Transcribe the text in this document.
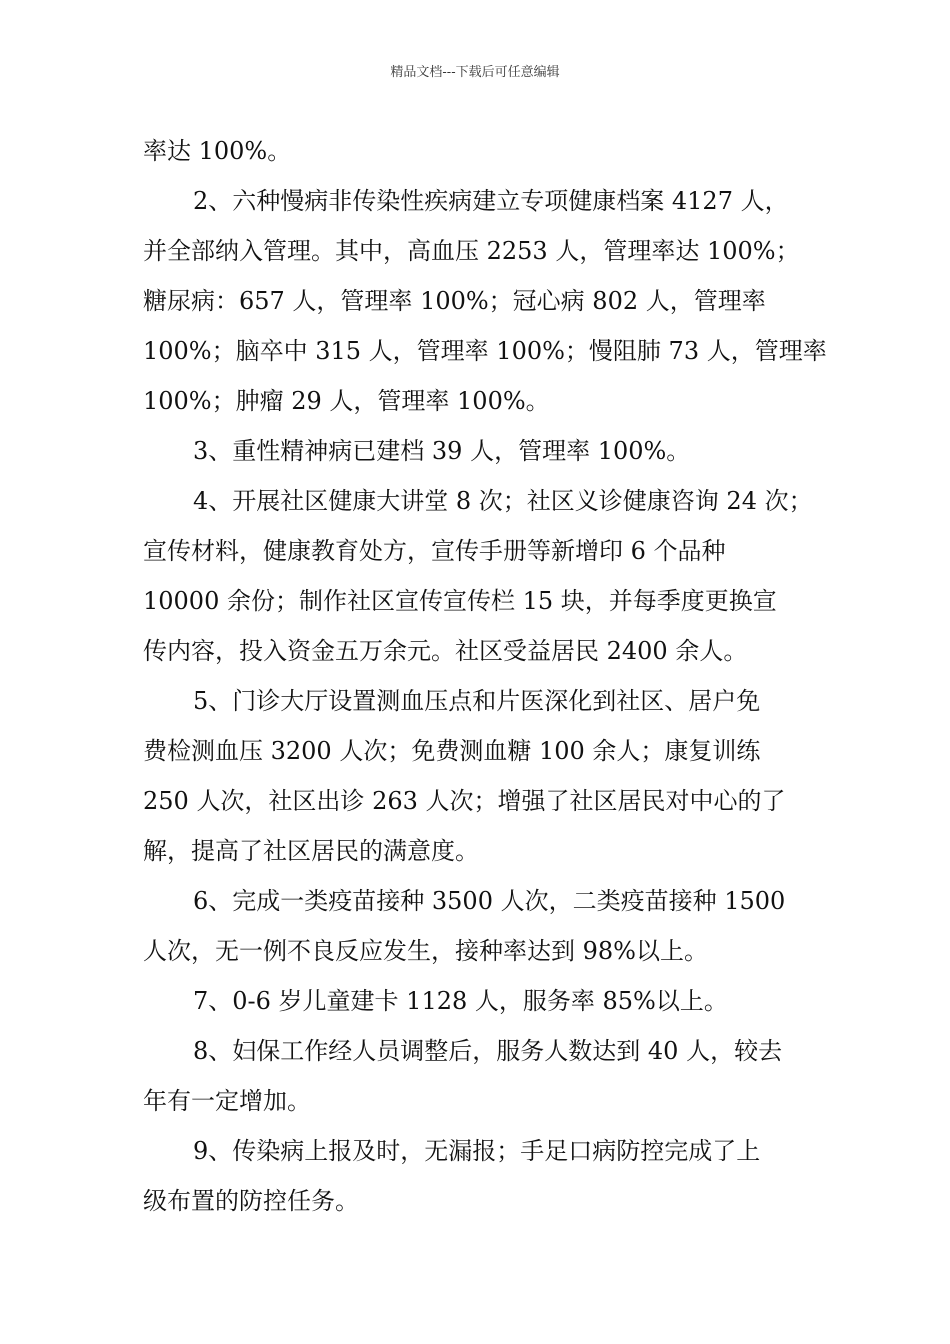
精品文档---下载后可任意编辑

率达 100%。

2、六种慢病非传染性疾病建立专项健康档案 4127 人，
并全部纳入管理。其中，高血压 2253 人，管理率达 100%；
糖尿病：657 人，管理率 100%；冠心病 802 人，管理率
100%；脑卒中 315 人，管理率 100%；慢阻肺 73 人，管理率
100%；肿瘤 29 人，管理率 100%。

3、重性精神病已建档 39 人，管理率 100%。

4、开展社区健康大讲堂 8 次；社区义诊健康咨询 24 次；
宣传材料，健康教育处方，宣传手册等新增印 6 个品种
10000 余份；制作社区宣传宣传栏 15 块，并每季度更换宣
传内容，投入资金五万余元。社区受益居民 2400 余人。

5、门诊大厅设置测血压点和片医深化到社区、居户免
费检测血压 3200 人次；免费测血糖 100 余人；康复训练
250 人次，社区出诊 263 人次；增强了社区居民对中心的了
解，提高了社区居民的满意度。

6、完成一类疫苗接种 3500 人次，二类疫苗接种 1500
人次，无一例不良反应发生，接种率达到 98%以上。

7、0-6 岁儿童建卡 1128 人，服务率 85%以上。

8、妇保工作经人员调整后，服务人数达到 40 人，较去
年有一定增加。

9、传染病上报及时，无漏报；手足口病防控完成了上
级布置的防控任务。
